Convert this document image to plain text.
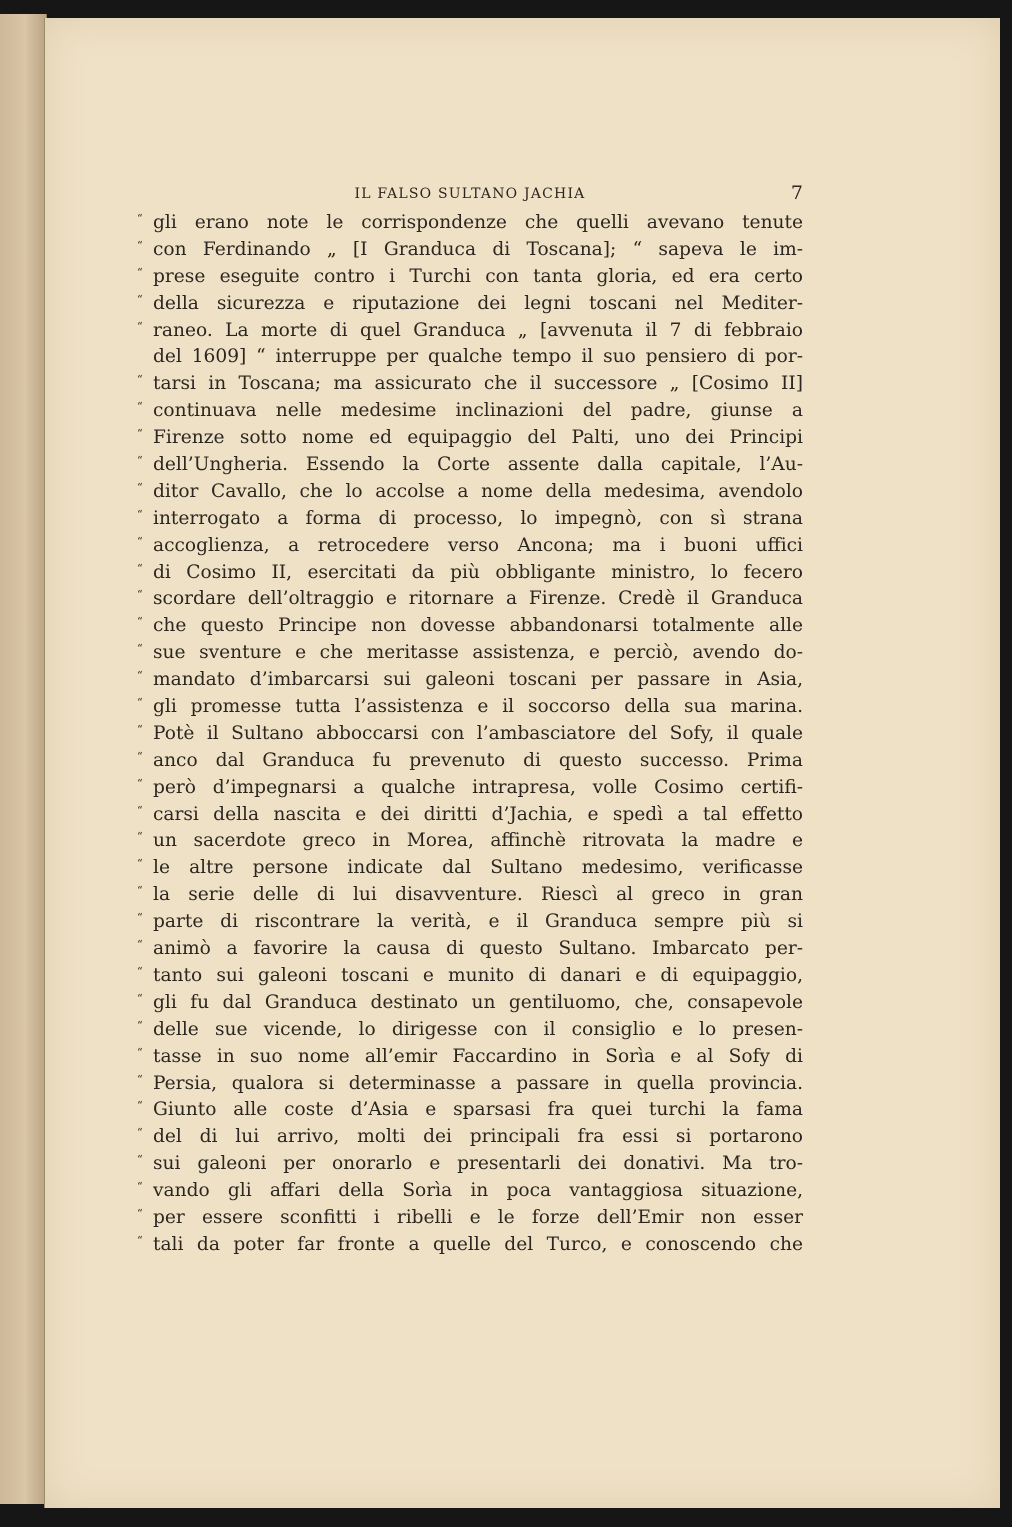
IL FALSO SULTANO JACHIA	7
“ gli erano note le corrispondenze che quelli avevano tenute
“ con Ferdinando „ [I Granduca di Toscana]; “ sapeva le im-
“ prese eseguite contro i Turchi con tanta gloria, ed era certo
“ della sicurezza e riputazione dei legni toscani nel Mediter-
“ raneo. La morte di quel Granduca „ [avvenuta il 7 di febbraio
del 1609] “ interruppe per qualche tempo il suo pensiero di por-
“ tarsi in Toscana; ma assicurato che il successore „ [Cosimo II]
“ continuava nelle medesime inclinazioni del padre, giunse a
“ Firenze sotto nome ed equipaggio del Palti, uno dei Principi
“ dell’Ungheria. Essendo la Corte assente dalla capitale, l’Au-
“ ditor Cavallo, che lo accolse a nome della medesima, avendolo
“ interrogato a forma di processo, lo impegnò, con sì strana
“ accoglienza, a retrocedere verso Ancona; ma i buoni uffici
“ di Cosimo II, esercitati da più obbligante ministro, lo fecero
“ scordare dell’oltraggio e ritornare a Firenze. Credè il Granduca
“ che questo Principe non dovesse abbandonarsi totalmente alle
“ sue sventure e che meritasse assistenza, e perciò, avendo do-
“ mandato d’imbarcarsi sui galeoni toscani per passare in Asia,
“ gli promesse tutta l’assistenza e il soccorso della sua marina.
“ Potè il Sultano abboccarsi con l’ambasciatore del Sofy, il quale
“ anco dal Granduca fu prevenuto di questo successo. Prima
“ però d’impegnarsi a qualche intrapresa, volle Cosimo certifi-
“ carsi della nascita e dei diritti d’Jachia, e spedì a tal effetto
“ un sacerdote greco in Morea, affinchè ritrovata la madre e
“ le altre persone indicate dal Sultano medesimo, verificasse
“ la serie delle di lui disavventure. Riescì al greco in gran
“ parte di riscontrare la verità, e il Granduca sempre più si
“ animò a favorire la causa di questo Sultano. Imbarcato per-
“ tanto sui galeoni toscani e munito di danari e di equipaggio,
“ gli fu dal Granduca destinato un gentiluomo, che, consapevole
“ delle sue vicende, lo dirigesse con il consiglio e lo presen-
“ tasse in suo nome all’emir Faccardino in Sorìa e al Sofy di
“ Persia, qualora si determinasse a passare in quella provincia.
“ Giunto alle coste d’Asia e sparsasi fra quei turchi la fama
“ del di lui arrivo, molti dei principali fra essi si portarono
“ sui galeoni per onorarlo e presentarli dei donativi. Ma tro-
“ vando gli affari della Sorìa in poca vantaggiosa situazione,
“ per essere sconfitti i ribelli e le forze dell’Emir non esser
“ tali da poter far fronte a quelle del Turco, e conoscendo che
